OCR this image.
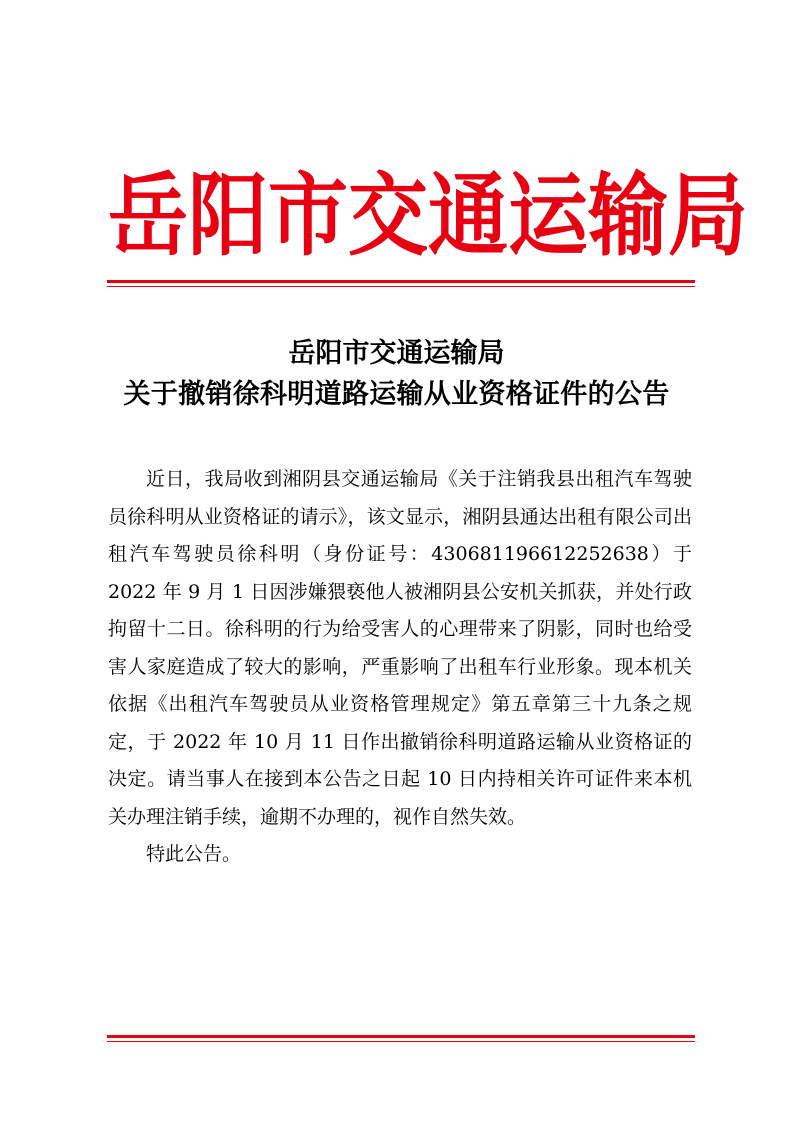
岳 阳 市 交 通 运 输 局
岳阳市交通运输局
关于撤销徐科明道路运输从业资格证件的公告

近日，我局收到湘阴县交通运输局《关于注销我县出租汽车驾驶员徐科明从业资格证的请示》，该文显示，湘阴县通达出租有限公司出租汽车驾驶员徐科明（身份证号：430681196612252638）于 2022 年 9 月 1 日因涉嫌猥亵他人被湘阴县公安机关抓获，并处行政拘留十二日。徐科明的行为给受害人的心理带来了阴影，同时也给受害人家庭造成了较大的影响，严重影响了出租车行业形象。现本机关依据《出租汽车驾驶员从业资格管理规定》第五章第三十九条之规定，于 2022 年 10 月 11 日作出撤销徐科明道路运输从业资格证的决定。请当事人在接到本公告之日起 10 日内持相关许可证件来本机关办理注销手续，逾期不办理的，视作自然失效。

特此公告。
